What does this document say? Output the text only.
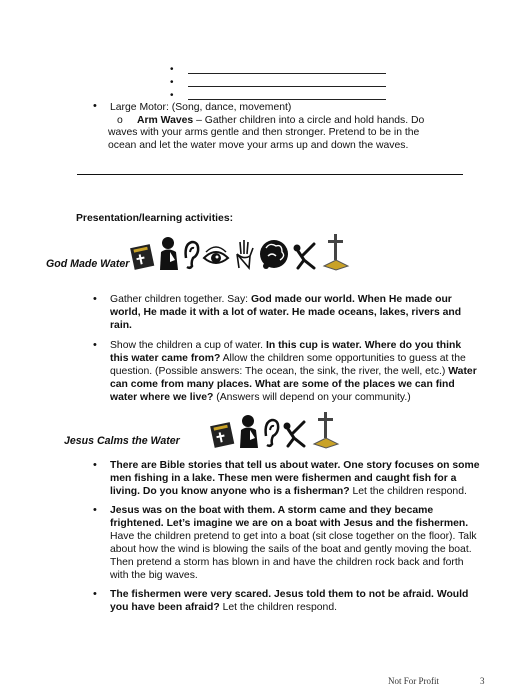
•
•
•
• Large Motor: (Song, dance, movement)
o Arm Waves – Gather children into a circle and hold hands. Do
waves with your arms gentle and then stronger. Pretend to be in the
ocean and let the water move your arms up and down the waves.
Presentation/learning activities:
God Made Water
• Gather children together. Say: God made our world. When He made our
world, He made it with a lot of water. He made oceans, lakes, rivers and
rain.
• Show the children a cup of water. In this cup is water. Where do you think
this water came from? Allow the children some opportunities to guess at the
question. (Possible answers: The ocean, the sink, the river, the well, etc.) Water
can come from many places. What are some of the places we can find
water where we live? (Answers will depend on your community.)
Jesus Calms the Water
• There are Bible stories that tell us about water. One story focuses on some
men fishing in a lake. These men were fishermen and caught fish for a
living. Do you know anyone who is a fisherman? Let the children respond.
• Jesus was on the boat with them. A storm came and they became
frightened. Let’s imagine we are on a boat with Jesus and the fishermen.
Have the children pretend to get into a boat (sit close together on the floor). Talk
about how the wind is blowing the sails of the boat and gently moving the boat.
Then pretend a storm has blown in and have the children rock back and forth
with the big waves.
• The fishermen were very scared. Jesus told them to not be afraid. Would
you have been afraid? Let the children respond.
Not For Profit	3
